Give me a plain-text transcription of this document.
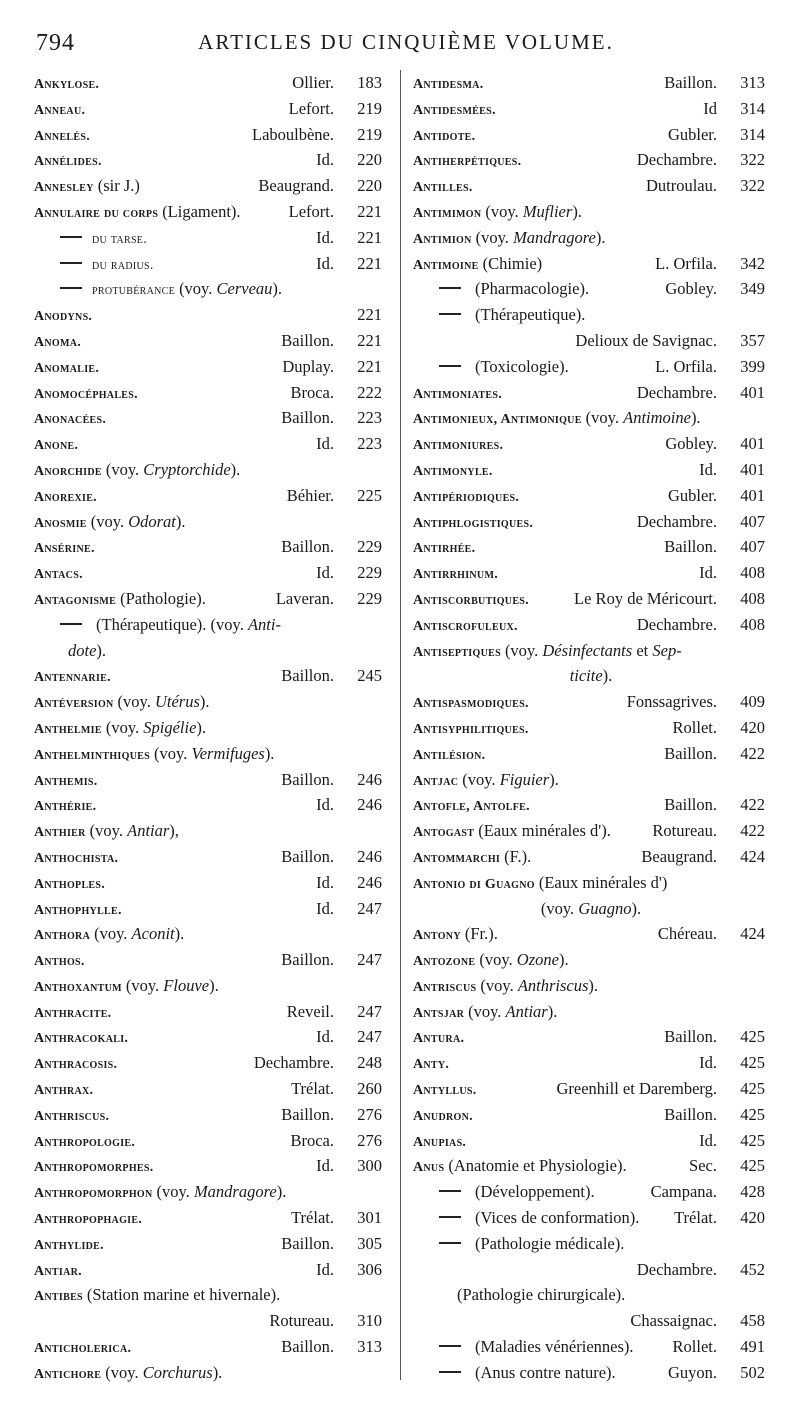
794	ARTICLES DU CINQUIÈME VOLUME.
Ankylose.	Ollier.	183
Anneau.	Lefort.	219
Annelés.	Laboulbène.	219
Annélides.	Id.	220
Annesley (sir J.)	Beaugrand.	220
Annulaire du corps (Ligament).	Lefort.	221
du tarse.	Id.	221
du radius.	Id.	221
protubérance (voy. Cerveau).
Anodyns.	221
Anoma.	Baillon.	221
Anomalie.	Duplay.	221
Anomocéphales.	Broca.	222
Anonacées.	Baillon.	223
Anone.	Id.	223
Anorchide (voy. Cryptorchide).
Anorexie.	Béhier.	225
Anosmie (voy. Odorat).
Ansérine.	Baillon.	229
Antacs.	Id.	229
Antagonisme (Pathologie).	Laveran.	229
(Thérapeutique). (voy. Anti-
dote).
Antennarie.	Baillon.	245
Antéversion (voy. Utérus).
Anthelmie (voy. Spigélie).
Anthelminthiques (voy. Vermifuges).
Anthemis.	Baillon.	246
Anthérie.	Id.	246
Anthier (voy. Antiar),
Anthochista.	Baillon.	246
Anthoples.	Id.	246
Anthophylle.	Id.	247
Anthora (voy. Aconit).
Anthos.	Baillon.	247
Anthoxantum (voy. Flouve).
Anthracite.	Reveil.	247
Anthracokali.	Id.	247
Anthracosis.	Dechambre.	248
Anthrax.	Trélat.	260
Anthriscus.	Baillon.	276
Anthropologie.	Broca.	276
Anthropomorphes.	Id.	300
Anthropomorphon (voy. Mandragore).
Anthropophagie.	Trélat.	301
Anthylide.	Baillon.	305
Antiar.	Id.	306
Antibes (Station marine et hivernale).
Rotureau.	310
Anticholerica.	Baillon.	313
Antichore (voy. Corchurus).
Antidesma.	Baillon.	313
Antidesmées.	Id	314
Antidote.	Gubler.	314
Antiherpétiques.	Dechambre.	322
Antilles.	Dutroulau.	322
Antimimon (voy. Muflier).
Antimion (voy. Mandragore).
Antimoine (Chimie)	L. Orfila.	342
(Pharmacologie).	Gobley.	349
(Thérapeutique).
Delioux de Savignac.	357
(Toxicologie).	L. Orfila.	399
Antimoniates.	Dechambre.	401
Antimonieux, Antimonique (voy. Antimoine).
Antimoniures.	Gobley.	401
Antimonyle.	Id.	401
Antipériodiques.	Gubler.	401
Antiphlogistiques.	Dechambre.	407
Antirhée.	Baillon.	407
Antirrhinum.	Id.	408
Antiscorbutiques.	Le Roy de Méricourt.	408
Antiscrofuleux.	Dechambre.	408
Antiseptiques (voy. Désinfectants et Sep-
ticite).
Antispasmodiques.	Fonssagrives.	409
Antisyphilitiques.	Rollet.	420
Antilésion.	Baillon.	422
Antjac (voy. Figuier).
Antofle, Antolfe.	Baillon.	422
Antogast (Eaux minérales d').	Rotureau.	422
Antommarchi (F.).	Beaugrand.	424
Antonio di Guagno (Eaux minérales d')
(voy. Guagno).
Antony (Fr.).	Chéreau.	424
Antozone (voy. Ozone).
Antriscus (voy. Anthriscus).
Antsjar (voy. Antiar).
Antura.	Baillon.	425
Anty.	Id.	425
Antyllus.	Greenhill et Daremberg.	425
Anudron.	Baillon.	425
Anupias.	Id.	425
Anus (Anatomie et Physiologie).	Sec.	425
(Développement).	Campana.	428
(Vices de conformation). Trélat.	420
(Pathologie médicale).
Dechambre.	452
(Pathologie chirurgicale).
Chassaignac.	458
(Maladies vénériennes). Rollet.	491
(Anus contre nature).	Guyon.	502
